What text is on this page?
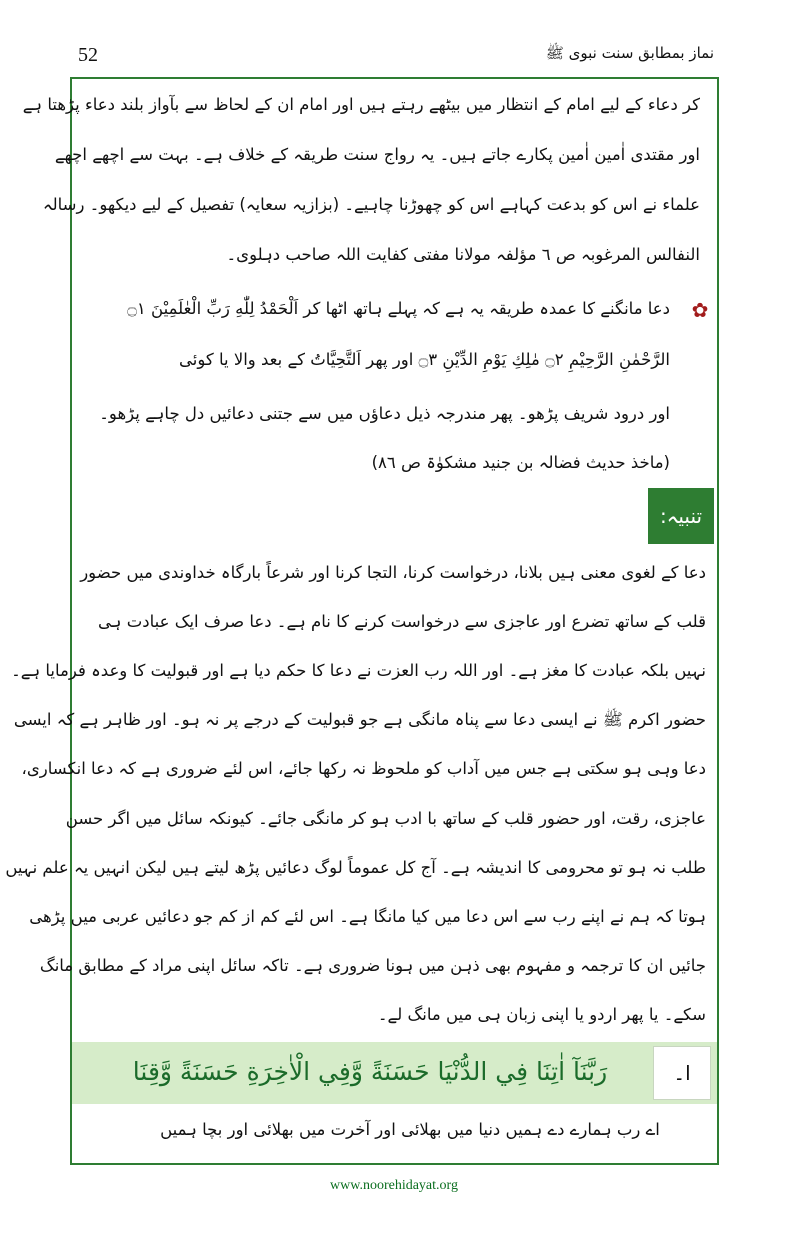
52	نماز بمطابق سنت نبوی ﷺ
کر دعاء کے لیے امام کے انتظار میں بیٹھے رہتے ہیں اور امام ان کے لحاظ سے بآواز بلند دعاء پڑھتا ہے
اور مقتدی اٰمین اٰمین پکارے جاتے ہیں۔ یہ رواج سنت طریقہ کے خلاف ہے۔ بہت سے اچھے اچھے
علماء نے اس کو بدعت کہاہے اس کو چھوڑنا چاہیے۔ (بزازیہ سعایہ) تفصیل کے لیے دیکھو۔ رسالہ
النفالس المرغوبہ ص ٦ مؤلفہ مولانا مفتی کفایت اللہ صاحب دہلوی۔
✿
دعا مانگنے کا عمدہ طریقہ یہ ہے کہ پہلے ہاتھ اٹھا کر اَلْحَمْدُ لِلّٰهِ رَبِّ الْعٰلَمِيْنَ ۝۱
الرَّحْمٰنِ الرَّحِيْمِ ۝۲ مٰلِكِ يَوْمِ الدِّيْنِ ۝۳ اور پھر اَلتَّحِيَّاتُ کے بعد والا یا کوئی
اور درود شریف پڑھو۔ پھر مندرجہ ذیل دعاؤں میں سے جتنی دعائیں دل چاہے پڑھو۔
(ماخذ حدیث فضالہ بن جنید مشکوٰۃ ص ٨٦)
تنبیہ:
دعا کے لغوی معنی ہیں بلانا، درخواست کرنا، التجا کرنا اور شرعاً بارگاہ خداوندی میں حضور
قلب کے ساتھ تضرع اور عاجزی سے درخواست کرنے کا نام ہے۔ دعا صرف ایک عبادت ہی
نہیں بلکہ عبادت کا مغز ہے۔ اور اللہ رب العزت نے دعا کا حکم دیا ہے اور قبولیت کا وعدہ فرمایا ہے۔
حضور اکرم ﷺ نے ایسی دعا سے پناہ مانگی ہے جو قبولیت کے درجے پر نہ ہو۔ اور ظاہر ہے کہ ایسی
دعا وہی ہو سکتی ہے جس میں آداب کو ملحوظ نہ رکھا جائے، اس لئے ضروری ہے کہ دعا انکساری،
عاجزی، رقت، اور حضور قلب کے ساتھ با ادب ہو کر مانگی جائے۔ کیونکہ سائل میں اگر حسن
طلب نہ ہو تو محرومی کا اندیشہ ہے۔ آج کل عموماً لوگ دعائیں پڑھ لیتے ہیں لیکن انہیں یہ علم نہیں
ہوتا کہ ہم نے اپنے رب سے اس دعا میں کیا مانگا ہے۔ اس لئے کم از کم جو دعائیں عربی میں پڑھی
جائیں ان کا ترجمہ و مفہوم بھی ذہن میں ہونا ضروری ہے۔ تاکہ سائل اپنی مراد کے مطابق مانگ
سکے۔ یا پھر اردو یا اپنی زبان ہی میں مانگ لے۔
ا۔
رَبَّنَآ اٰتِنَا فِي الدُّنْيَا حَسَنَةً وَّفِي الْاٰخِرَةِ حَسَنَةً وَّقِنَا
اے رب ہمارے دے ہمیں دنیا میں بھلائی اور آخرت میں بھلائی اور بچا ہمیں
www.noorehidayat.org
